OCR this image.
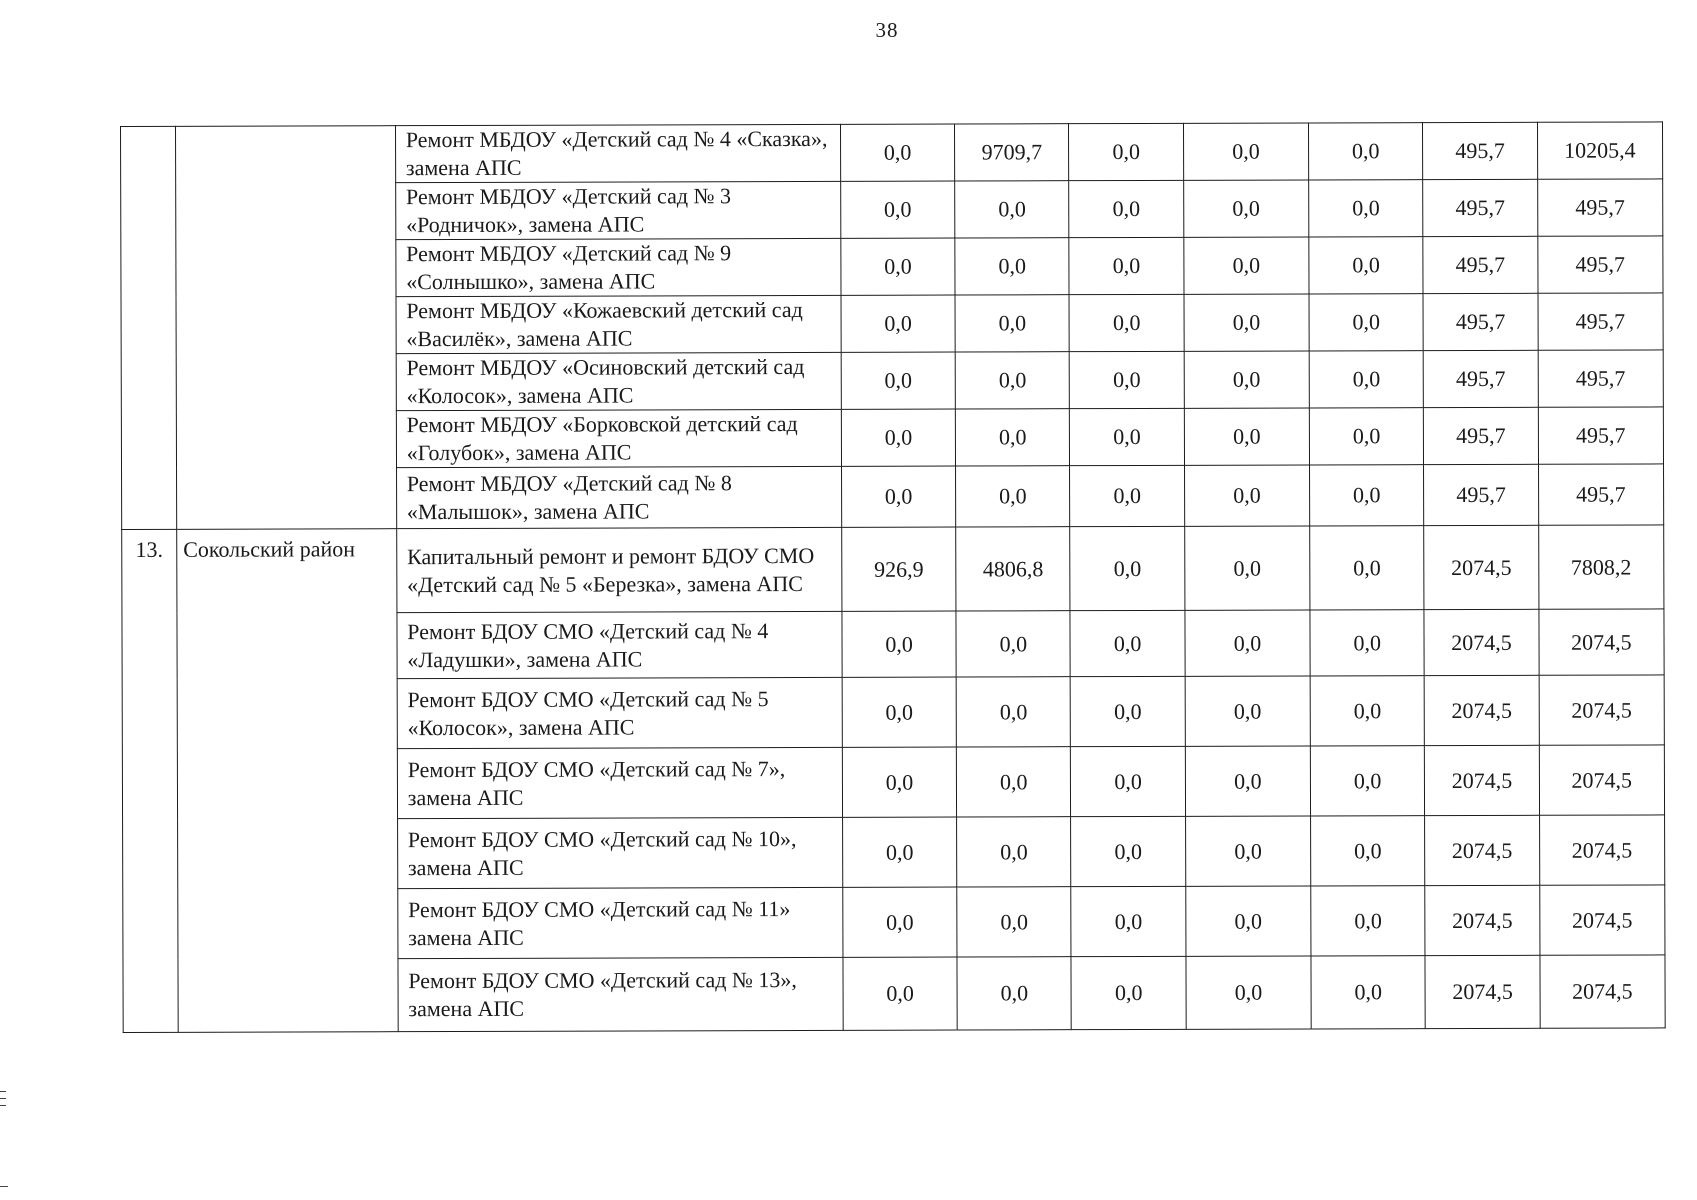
38
		Ремонт МБДОУ «Детский сад № 4 «Сказка», замена АПС	0,0	9709,7	0,0	0,0	0,0	495,7	10205,4
		Ремонт МБДОУ «Детский сад № 3 «Родничок», замена АПС	0,0	0,0	0,0	0,0	0,0	495,7	495,7
		Ремонт МБДОУ «Детский сад № 9 «Солнышко», замена АПС	0,0	0,0	0,0	0,0	0,0	495,7	495,7
		Ремонт МБДОУ «Кожаевский детский сад «Василёк», замена АПС	0,0	0,0	0,0	0,0	0,0	495,7	495,7
		Ремонт МБДОУ «Осиновский детский сад «Колосок», замена АПС	0,0	0,0	0,0	0,0	0,0	495,7	495,7
		Ремонт МБДОУ «Борковской детский сад «Голубок», замена АПС	0,0	0,0	0,0	0,0	0,0	495,7	495,7
		Ремонт МБДОУ «Детский сад № 8 «Малышок», замена АПС	0,0	0,0	0,0	0,0	0,0	495,7	495,7
13.	Сокольский район	Капитальный ремонт и ремонт БДОУ СМО «Детский сад № 5 «Березка», замена АПС	926,9	4806,8	0,0	0,0	0,0	2074,5	7808,2
		Ремонт БДОУ СМО «Детский сад № 4 «Ладушки», замена АПС	0,0	0,0	0,0	0,0	0,0	2074,5	2074,5
		Ремонт БДОУ СМО «Детский сад № 5 «Колосок», замена АПС	0,0	0,0	0,0	0,0	0,0	2074,5	2074,5
		Ремонт БДОУ СМО «Детский сад № 7», замена АПС	0,0	0,0	0,0	0,0	0,0	2074,5	2074,5
		Ремонт БДОУ СМО «Детский сад № 10», замена АПС	0,0	0,0	0,0	0,0	0,0	2074,5	2074,5
		Ремонт БДОУ СМО «Детский сад № 11» замена АПС	0,0	0,0	0,0	0,0	0,0	2074,5	2074,5
		Ремонт БДОУ СМО «Детский сад № 13», замена АПС	0,0	0,0	0,0	0,0	0,0	2074,5	2074,5
